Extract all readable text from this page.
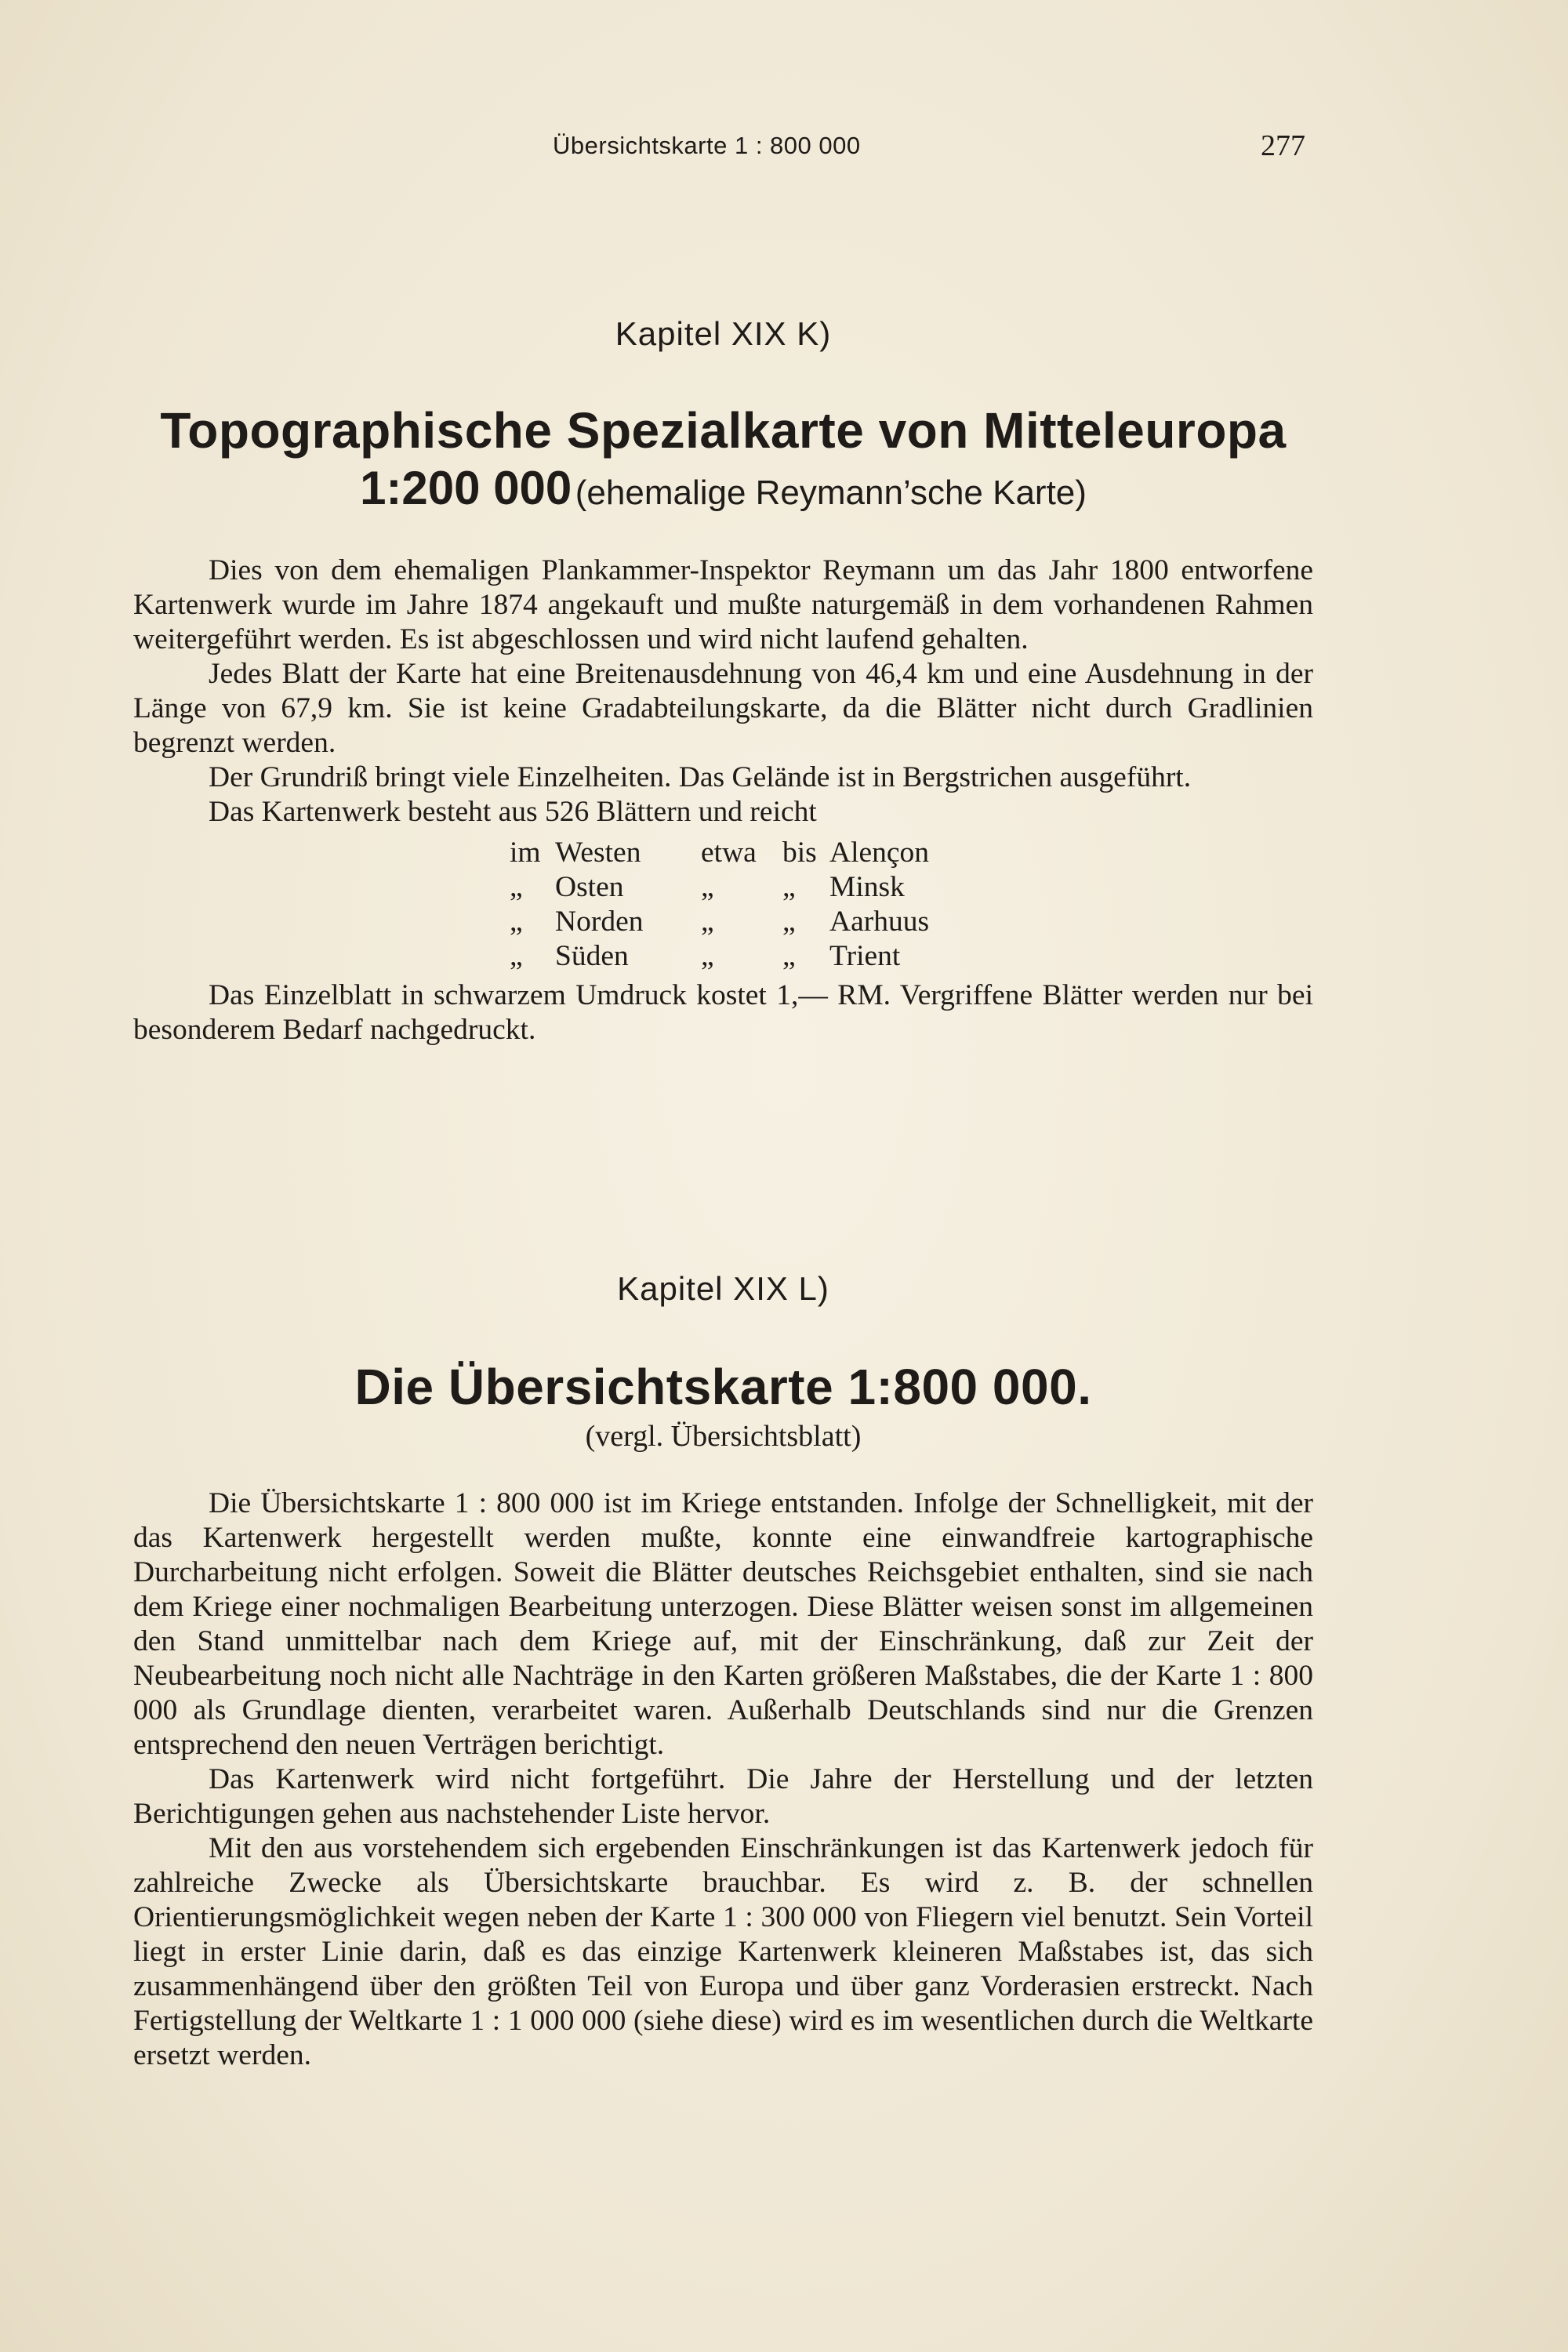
Übersichtskarte 1 : 800 000	277

Kapitel XIX K)

Topographische Spezialkarte von Mitteleuropa

1:200 000 (ehemalige Reymann’sche Karte)

Dies von dem ehemaligen Plankammer-Inspektor Reymann um das Jahr 1800 entworfene Kartenwerk wurde im Jahre 1874 angekauft und mußte naturgemäß in dem vorhandenen Rahmen weitergeführt werden. Es ist abgeschlossen und wird nicht laufend gehalten.

Jedes Blatt der Karte hat eine Breitenausdehnung von 46,4 km und eine Ausdehnung in der Länge von 67,9 km. Sie ist keine Gradabteilungskarte, da die Blätter nicht durch Gradlinien begrenzt werden.

Der Grundriß bringt viele Einzelheiten. Das Gelände ist in Bergstrichen ausgeführt.

Das Kartenwerk besteht aus 526 Blättern und reicht

im Westen etwa bis Alençon
„ Osten	„ „ Minsk
„ Norden „ „ Aarhuus
„ Süden „ „ Trient

Das Einzelblatt in schwarzem Umdruck kostet 1,— RM. Vergriffene Blätter werden nur bei besonderem Bedarf nachgedruckt.

Kapitel XIX L)

Die Übersichtskarte 1:800 000.

(vergl. Übersichtsblatt)

Die Übersichtskarte 1 : 800 000 ist im Kriege entstanden. Infolge der Schnelligkeit, mit der das Kartenwerk hergestellt werden mußte, konnte eine einwandfreie kartographische Durcharbeitung nicht erfolgen. Soweit die Blätter deutsches Reichsgebiet enthalten, sind sie nach dem Kriege einer nochmaligen Bearbeitung unterzogen. Diese Blätter weisen sonst im allgemeinen den Stand unmittelbar nach dem Kriege auf, mit der Einschränkung, daß zur Zeit der Neubearbeitung noch nicht alle Nachträge in den Karten größeren Maßstabes, die der Karte 1 : 800 000 als Grundlage dienten, verarbeitet waren. Außerhalb Deutschlands sind nur die Grenzen entsprechend den neuen Verträgen berichtigt.

Das Kartenwerk wird nicht fortgeführt. Die Jahre der Herstellung und der letzten Berichtigungen gehen aus nachstehender Liste hervor.

Mit den aus vorstehendem sich ergebenden Einschränkungen ist das Kartenwerk jedoch für zahlreiche Zwecke als Übersichtskarte brauchbar. Es wird z. B. der schnellen Orientierungsmöglichkeit wegen neben der Karte 1 : 300 000 von Fliegern viel benutzt. Sein Vorteil liegt in erster Linie darin, daß es das einzige Kartenwerk kleineren Maßstabes ist, das sich zusammenhängend über den größten Teil von Europa und über ganz Vorderasien erstreckt. Nach Fertigstellung der Weltkarte 1 : 1 000 000 (siehe diese) wird es im wesentlichen durch die Weltkarte ersetzt werden.
